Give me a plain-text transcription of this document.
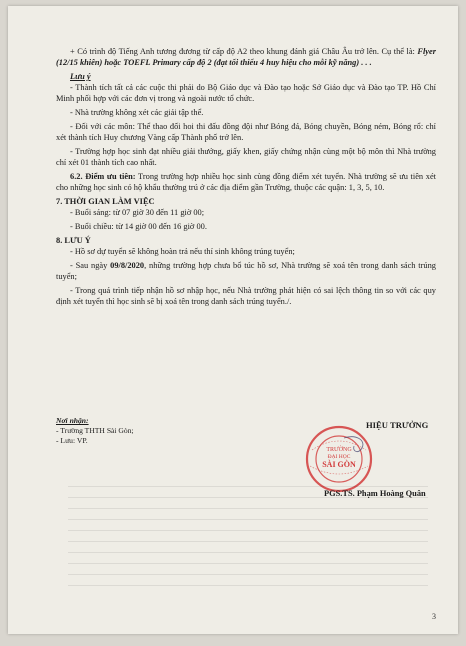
+ Có trình độ Tiếng Anh tương đương từ cấp độ A2 theo khung đánh giá Châu Âu trở lên. Cụ thể là: Flyer (12/15 khiên) hoặc TOEFL Primary cấp độ 2 (đạt tối thiểu 4 huy hiệu cho mỗi kỹ năng) . . .

Lưu ý

- Thành tích tất cả các cuộc thi phải do Bộ Giáo dục và Đào tạo hoặc Sở Giáo dục và Đào tạo TP. Hồ Chí Minh phối hợp với các đơn vị trong và ngoài nước tổ chức.

- Nhà trường không xét các giải tập thể.

- Đối với các môn: Thể thao đối hoi thi đấu đồng đội như Bóng đá, Bóng chuyền, Bóng ném, Bóng rổ: chỉ xét thành tích Huy chương Vàng cấp Thành phố trở lên.

- Trường hợp học sinh đạt nhiều giải thưởng, giấy khen, giấy chứng nhận cùng một bộ môn thì Nhà trường chỉ xét 01 thành tích cao nhất.

6.2. Điểm ưu tiên: Trong trường hợp nhiều học sinh cùng đồng điểm xét tuyển. Nhà trường sẽ ưu tiên xét cho những học sinh có hộ khẩu thường trú ở các địa điểm gần Trường, thuộc các quận: 1, 3, 5, 10.

7. THỜI GIAN LÀM VIỆC

- Buổi sáng: từ 07 giờ 30 đến 11 giờ 00;

- Buổi chiều: từ 14 giờ 00 đến 16 giờ 00.

8. LƯU Ý

- Hồ sơ dự tuyển sẽ không hoàn trả nếu thí sinh không trúng tuyển;

- Sau ngày 09/8/2020, những trường hợp chưa bổ túc hồ sơ, Nhà trường sẽ xoá tên trong danh sách trúng tuyển;

- Trong quá trình tiếp nhận hồ sơ nhập học, nếu Nhà trường phát hiện có sai lệch thông tin so với các quy định xét tuyển thì học sinh sẽ bị xoá tên trong danh sách trúng tuyển./.

Nơi nhận:
- Trường THTH Sài Gòn;
- Lưu: VP.
HIỆU TRƯỞNG
TRƯỜNG
ĐẠI HỌC
SÀI GÒN
PGS.TS. Phạm Hoàng Quân
3
